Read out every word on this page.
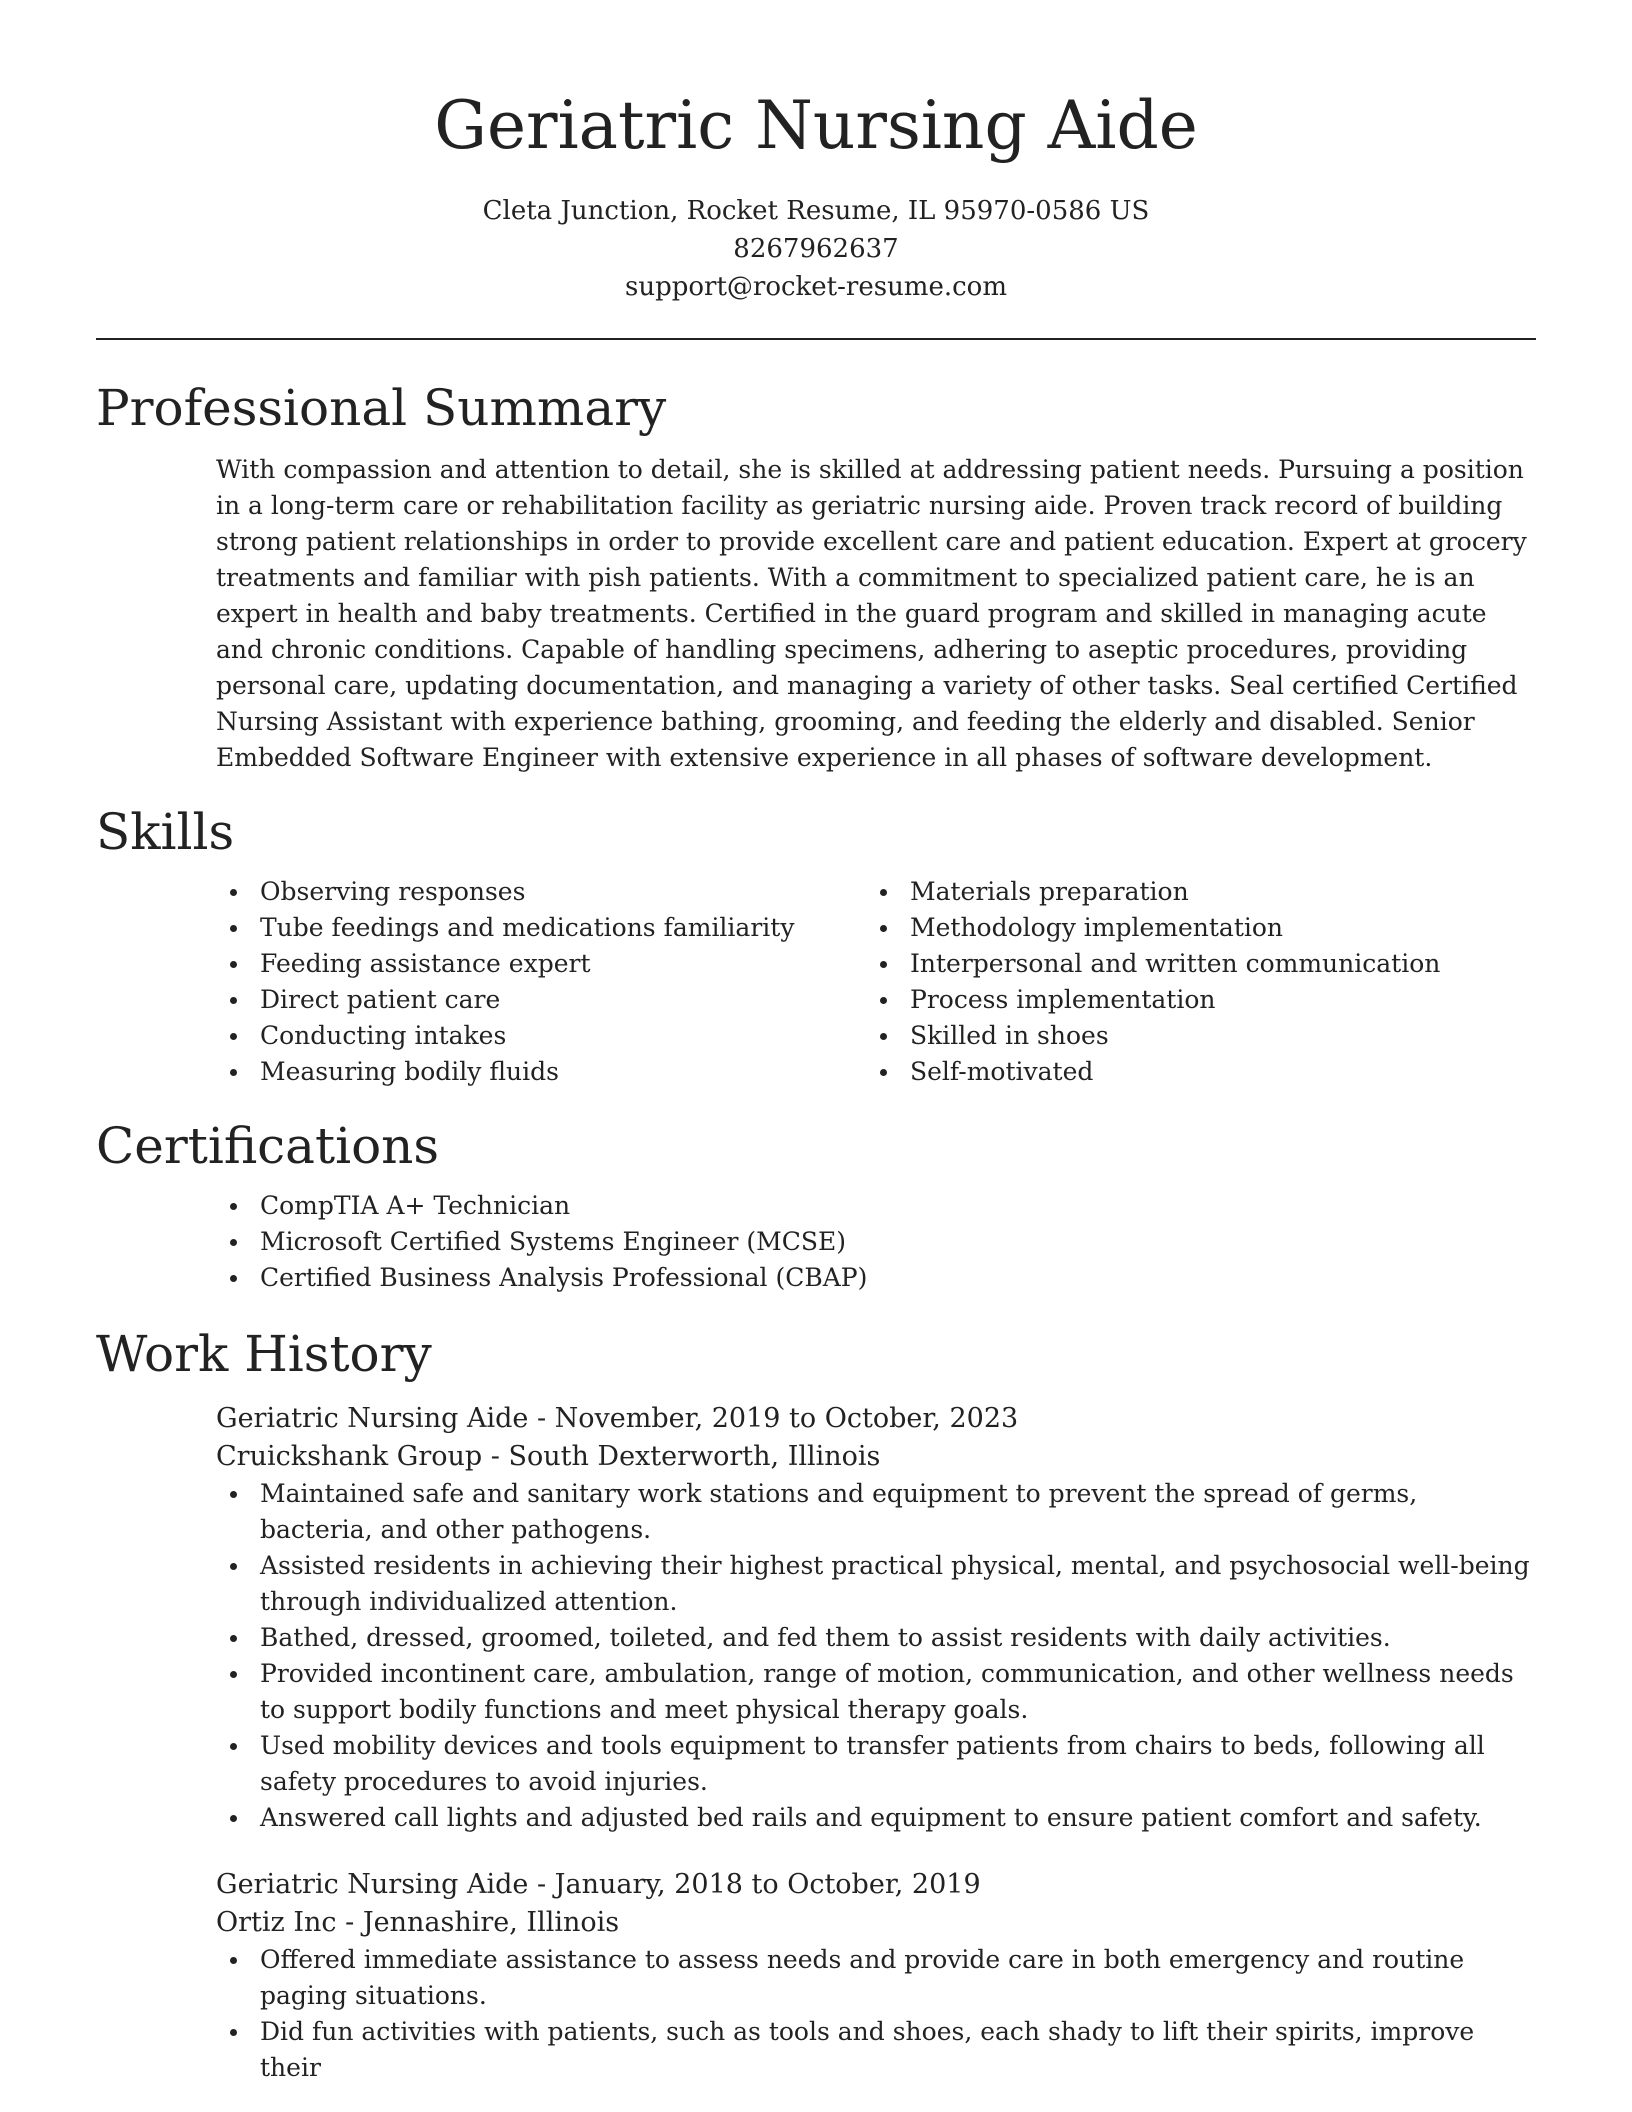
Geriatric Nursing Aide
Cleta Junction, Rocket Resume, IL 95970-0586 US
8267962637
support@rocket-resume.com
Professional Summary
With compassion and attention to detail, she is skilled at addressing patient needs. Pursuing a position in a long-term care or rehabilitation facility as geriatric nursing aide. Proven track record of building strong patient relationships in order to provide excellent care and patient education. Expert at grocery treatments and familiar with pish patients. With a commitment to specialized patient care, he is an expert in health and baby treatments. Certified in the guard program and skilled in managing acute and chronic conditions. Capable of handling specimens, adhering to aseptic procedures, providing personal care, updating documentation, and managing a variety of other tasks. Seal certified Certified Nursing Assistant with experience bathing, grooming, and feeding the elderly and disabled. Senior Embedded Software Engineer with extensive experience in all phases of software development.
Skills
Observing responses
Tube feedings and medications familiarity
Feeding assistance expert
Direct patient care
Conducting intakes
Measuring bodily fluids
Materials preparation
Methodology implementation
Interpersonal and written communication
Process implementation
Skilled in shoes
Self-motivated
Certifications
CompTIA A+ Technician
Microsoft Certified Systems Engineer (MCSE)
Certified Business Analysis Professional (CBAP)
Work History
Geriatric Nursing Aide - November, 2019 to October, 2023
Cruickshank Group - South Dexterworth, Illinois
Maintained safe and sanitary work stations and equipment to prevent the spread of germs, bacteria, and other pathogens.
Assisted residents in achieving their highest practical physical, mental, and psychosocial well-being through individualized attention.
Bathed, dressed, groomed, toileted, and fed them to assist residents with daily activities.
Provided incontinent care, ambulation, range of motion, communication, and other wellness needs to support bodily functions and meet physical therapy goals.
Used mobility devices and tools equipment to transfer patients from chairs to beds, following all safety procedures to avoid injuries.
Answered call lights and adjusted bed rails and equipment to ensure patient comfort and safety.
Geriatric Nursing Aide - January, 2018 to October, 2019
Ortiz Inc - Jennashire, Illinois
Offered immediate assistance to assess needs and provide care in both emergency and routine paging situations.
Did fun activities with patients, such as tools and shoes, each shady to lift their spirits, improve their
